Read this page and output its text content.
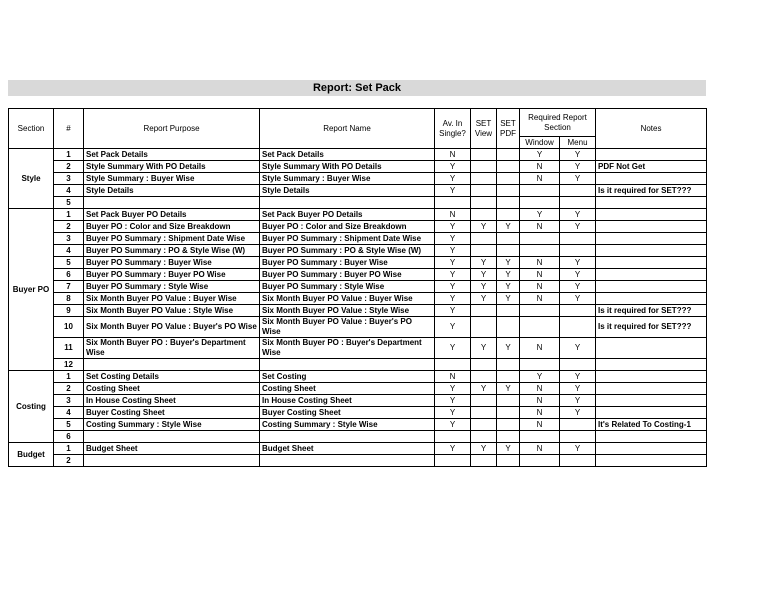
Report: Set Pack
Section	#	Report Purpose	Report Name	Av. In Single?	SET View	SET PDF	Required Report Section		Notes
							Window	Menu	
Style	1	Set Pack Details	Set Pack Details	N			Y	Y	
	2	Style Summary With PO Details	Style Summary With PO Details	Y			N	Y	PDF Not Get
	3	Style Summary : Buyer Wise	Style Summary : Buyer Wise	Y			N	Y	
	4	Style Details	Style Details	Y					Is it required for SET???
	5								
Buyer PO	1	Set Pack Buyer PO Details	Set Pack Buyer PO Details	N			Y	Y	
	2	Buyer PO : Color and Size Breakdown	Buyer PO : Color and Size Breakdown	Y	Y	Y	N	Y	
	3	Buyer PO Summary : Shipment Date Wise	Buyer PO Summary : Shipment Date Wise	Y					
	4	Buyer PO Summary : PO & Style Wise (W)	Buyer PO Summary : PO & Style Wise (W)	Y					
	5	Buyer PO Summary : Buyer Wise	Buyer PO Summary : Buyer Wise	Y	Y	Y	N	Y	
	6	Buyer PO Summary : Buyer PO Wise	Buyer PO Summary : Buyer PO Wise	Y	Y	Y	N	Y	
	7	Buyer PO Summary : Style Wise	Buyer PO Summary : Style Wise	Y	Y	Y	N	Y	
	8	Six Month Buyer PO Value : Buyer Wise	Six Month Buyer PO Value : Buyer Wise	Y	Y	Y	N	Y	
	9	Six Month Buyer PO Value : Style Wise	Six Month Buyer PO Value : Style Wise	Y					Is it required for SET???
	10	Six Month Buyer PO Value : Buyer's PO Wise	Six Month Buyer PO Value : Buyer's PO Wise	Y					Is it required for SET???
	11	Six Month Buyer PO : Buyer's Department Wise	Six Month Buyer PO : Buyer's Department Wise	Y	Y	Y	N	Y	
	12								
Costing	1	Set Costing Details	Set Costing	N			Y	Y	
	2	Costing Sheet	Costing Sheet	Y	Y	Y	N	Y	
	3	In House Costing Sheet	In House Costing Sheet	Y			N	Y	
	4	Buyer Costing Sheet	Buyer Costing Sheet	Y			N	Y	
	5	Costing Summary : Style Wise	Costing Summary : Style Wise	Y			N		It's Related To Costing-1
	6								
Budget	1	Budget Sheet	Budget Sheet	Y	Y	Y	N	Y	
	2								
